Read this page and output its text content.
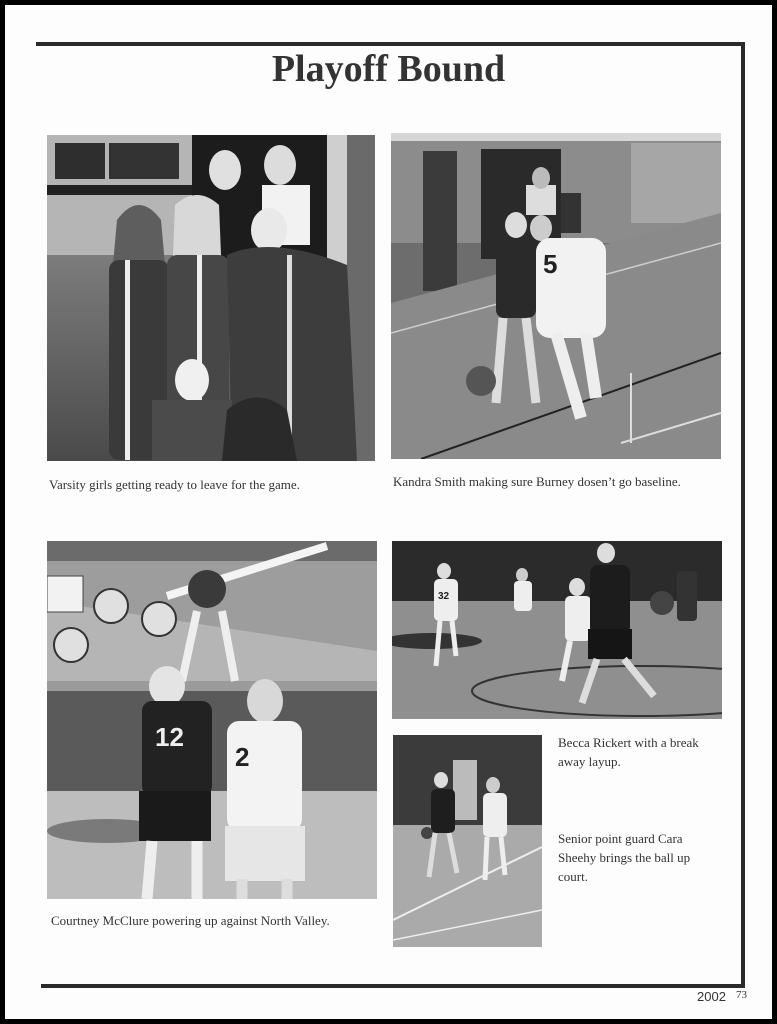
Playoff Bound
5
Varsity girls getting ready to leave for the game.	Kandra Smith making sure Burney dosen’t go baseline.
12
2
32
Courtney McClure powering up against North Valley.
Becca Rickert with a break away layup.
Senior point guard Cara Sheehy brings the ball up court.
2002 73
